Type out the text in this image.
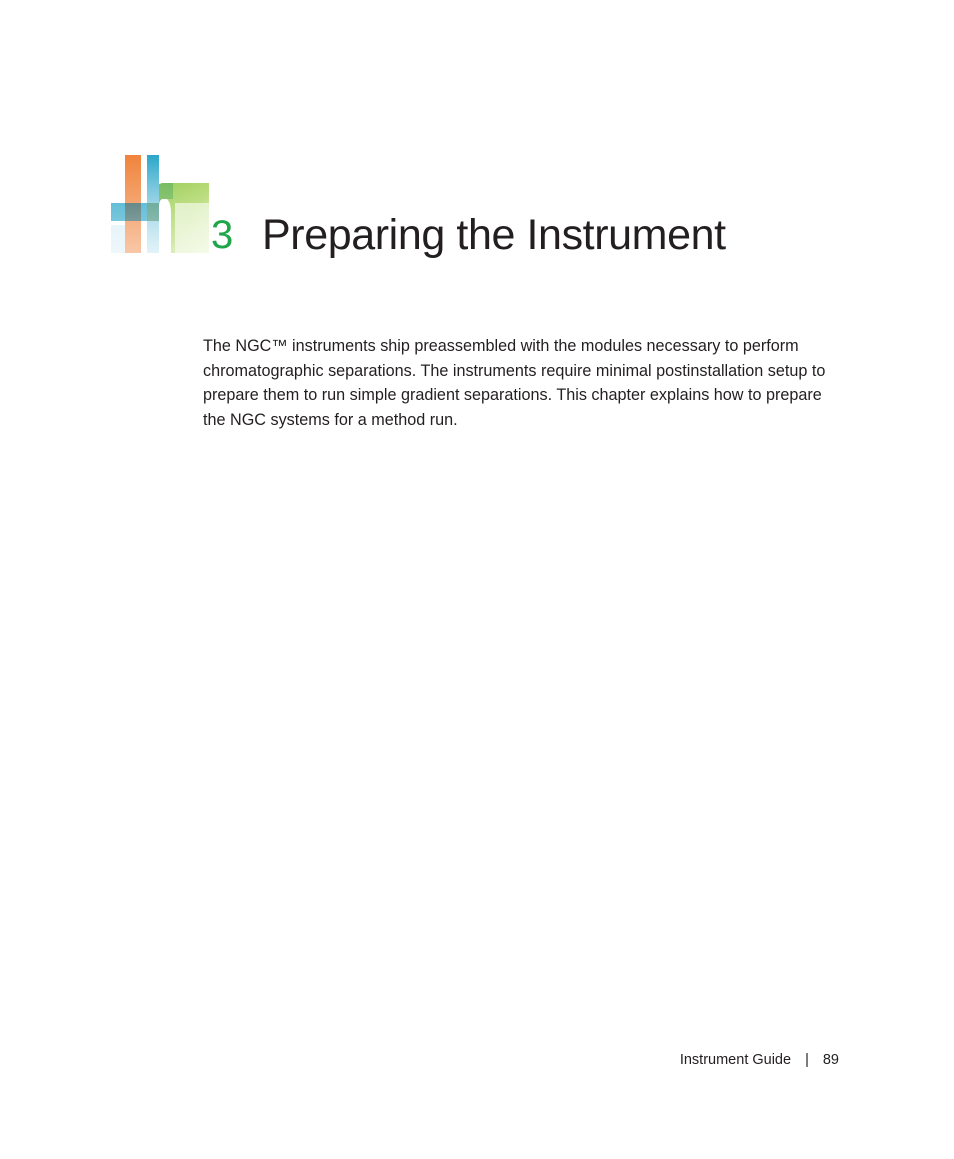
3 Preparing the Instrument

The NGC™ instruments ship preassembled with the modules necessary to perform chromatographic separations. The instruments require minimal postinstallation setup to prepare them to run simple gradient separations. This chapter explains how to prepare the NGC systems for a method run.

Instrument Guide | 89
